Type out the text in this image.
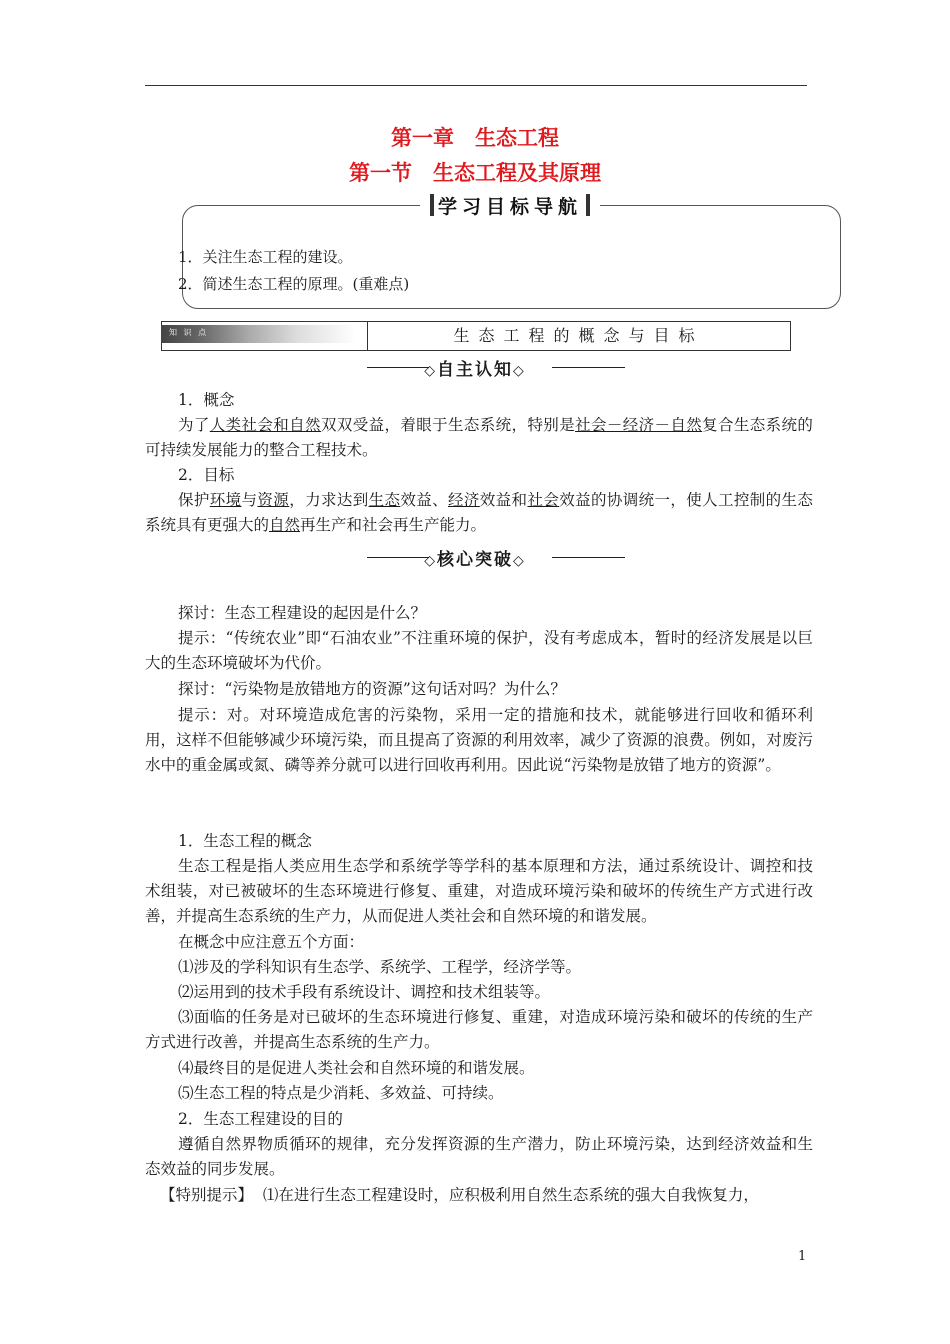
第一章　生态工程
第一节　生态工程及其原理
学习目标导航
1．关注生态工程的建设。
2．简述生态工程的原理。(重难点)
知 识 点	生态工程的概念与目标
◇自主认知◇

1．概念

为了人类社会和自然双双受益，着眼于生态系统，特别是社会－经济－自然复合生态系统的可持续发展能力的整合工程技术。

2．目标

保护环境与资源，力求达到生态效益、经济效益和社会效益的协调统一，使人工控制的生态系统具有更强大的自然再生产和社会再生产能力。

◇核心突破◇

探讨：生态工程建设的起因是什么？

提示：“传统农业”即“石油农业”不注重环境的保护，没有考虑成本，暂时的经济发展是以巨大的生态环境破坏为代价。

探讨：“污染物是放错地方的资源”这句话对吗？为什么？

提示：对。对环境造成危害的污染物，采用一定的措施和技术，就能够进行回收和循环利用，这样不但能够减少环境污染，而且提高了资源的利用效率，减少了资源的浪费。例如，对废污水中的重金属或氮、磷等养分就可以进行回收再利用。因此说“污染物是放错了地方的资源”。

1．生态工程的概念

生态工程是指人类应用生态学和系统学等学科的基本原理和方法，通过系统设计、调控和技术组装，对已被破坏的生态环境进行修复、重建，对造成环境污染和破坏的传统生产方式进行改善，并提高生态系统的生产力，从而促进人类社会和自然环境的和谐发展。

在概念中应注意五个方面：

⑴涉及的学科知识有生态学、系统学、工程学，经济学等。

⑵运用到的技术手段有系统设计、调控和技术组装等。

⑶面临的任务是对已破坏的生态环境进行修复、重建，对造成环境污染和破坏的传统的生产方式进行改善，并提高生态系统的生产力。

⑷最终目的是促进人类社会和自然环境的和谐发展。

⑸生态工程的特点是少消耗、多效益、可持续。

2．生态工程建设的目的

遵循自然界物质循环的规律，充分发挥资源的生产潜力，防止环境污染，达到经济效益和生态效益的同步发展。

【特别提示】 ⑴在进行生态工程建设时，应积极利用自然生态系统的强大自我恢复力，

1
